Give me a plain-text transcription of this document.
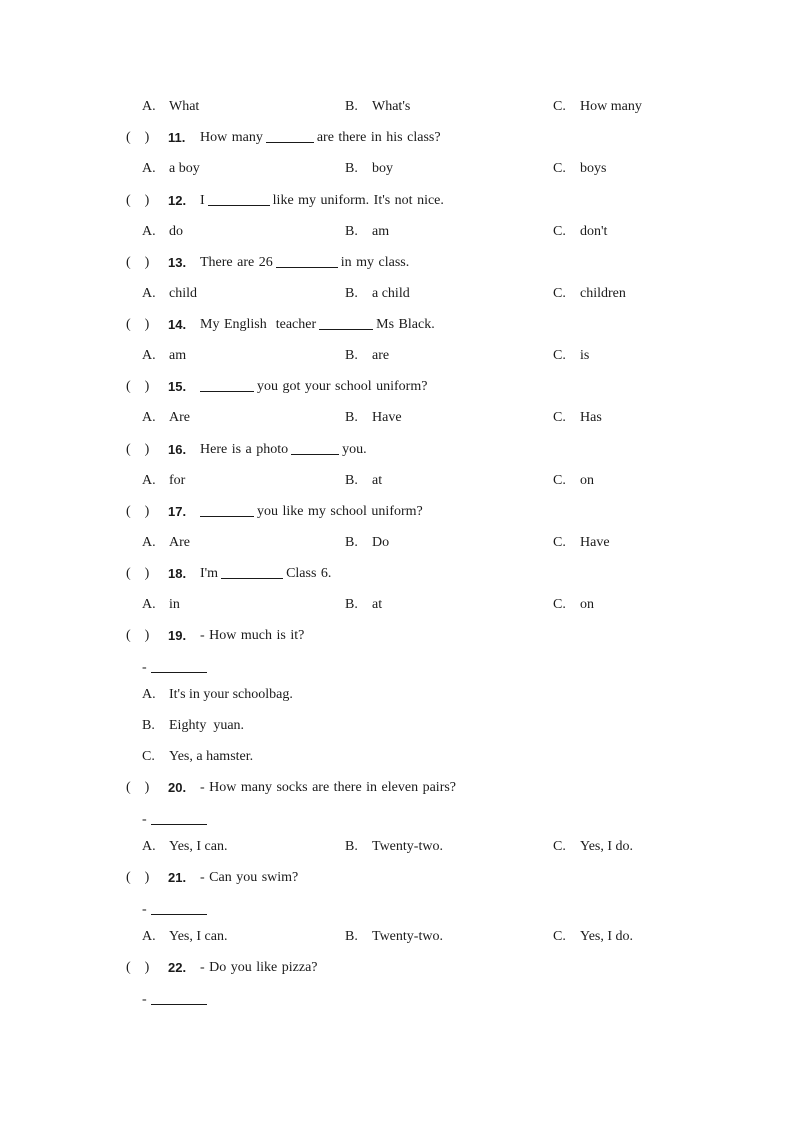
A. What	B. What's	C. How many
( ) 11. How many	are there in his class?
A. a boy	B. boy	C. boys
( ) 12. I	like my uniform. It's not nice.
A. do	B. am	C. don't
( ) 13. There are 26	in my class.
A. child	B. a child	C. children
( ) 14. My English  teacher	Ms Black.
A. am	B. are	C. is
( ) 15.	you got your school uniform?
A. Are	B. Have	C. Has
( ) 16. Here is a photo	you.
A. for	B. at	C. on
( ) 17.	you like my school uniform?
A. Are	B. Do	C. Have
( ) 18. I'm	Class 6.
A. in	B. at	C. on
( ) 19. - How much is it?
-
A. It's in your schoolbag.
B. Eighty  yuan.
C. Yes, a hamster.
( ) 20. - How many socks are there in eleven pairs?
-
A. Yes, I can.	B. Twenty-two.	C. Yes, I do.
( ) 21. - Can you swim?
-
A. Yes, I can.	B. Twenty-two.	C. Yes, I do.
( ) 22. - Do you like pizza?
-
